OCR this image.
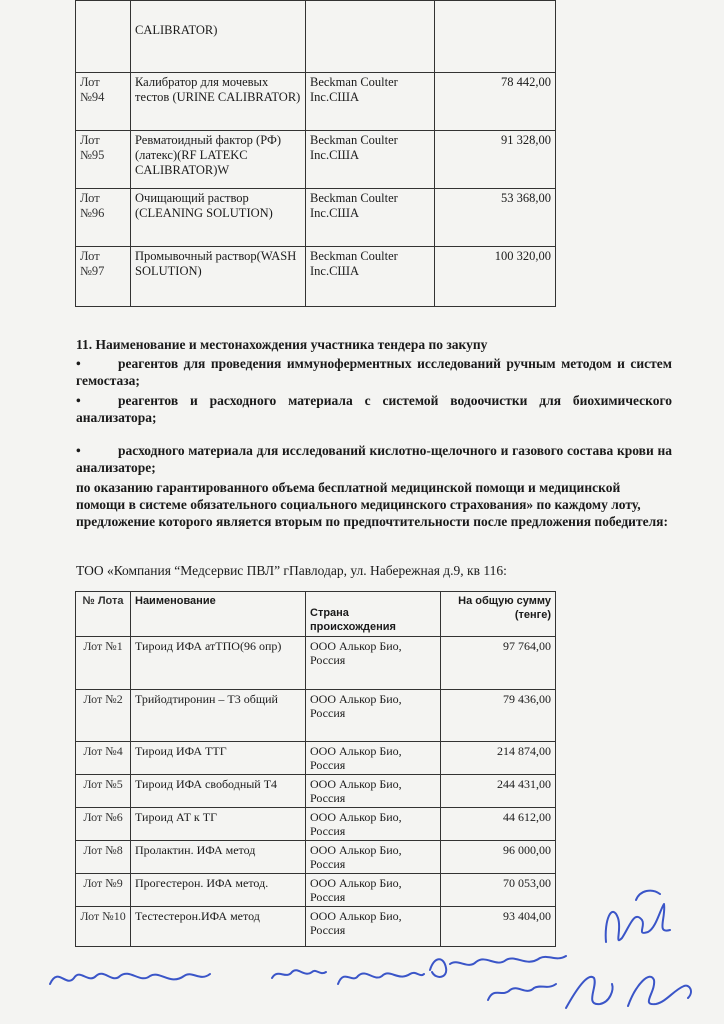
	CALIBRATOR)		
Лот №94	Калибратор для мочевых тестов (URINE CALIBRATOR)	Beckman Coulter Inc.США	78 442,00
Лот №95	Ревматоидный фактор (РФ) (латекс)(RF LATEKC CALIBRATOR)W	Beckman Coulter Inc.США	91 328,00
Лот №96	Очищающий раствор (CLEANING SOLUTION)	Beckman Coulter Inc.США	53 368,00
Лот №97	Промывочный раствор(WASH SOLUTION)	Beckman Coulter Inc.США	100 320,00
11. Наименование и местонахождения участника тендера по закупу
•	реагентов для проведения иммуноферментных исследований ручным методом и систем гемостаза;
•	реагентов и расходного материала с системой водоочистки для биохимического анализатора;
•	расходного материала для исследований кислотно-щелочного и газового состава крови на анализаторе;
по оказанию гарантированного объема бесплатной медицинской помощи и медицинской помощи в системе обязательного социального медицинского страхования» по каждому лоту, предложение которого является вторым по предпочтительности после предложения победителя:
ТОО «Компания “Медсервис ПВЛ” гПавлодар, ул. Набережная д.9, кв 116:
№ Лота	Наименование	Страна происхождения	На общую сумму (тенге)
Лот №1	Тироид ИФА атТПО(96 опр)	ООО Алькор Био, Россия	97 764,00
Лот №2	Трийодтиронин – Т3 общий	ООО Алькор Био, Россия	79 436,00
Лот №4	Тироид ИФА ТТГ	ООО Алькор Био, Россия	214 874,00
Лот №5	Тироид ИФА свободный Т4	ООО Алькор Био, Россия	244 431,00
Лот №6	Тироид АТ к ТГ	ООО Алькор Био, Россия	44 612,00
Лот №8	Пролактин. ИФА метод	ООО Алькор Био, Россия	96 000,00
Лот №9	Прогестерон. ИФА метод.	ООО Алькор Био, Россия	70 053,00
Лот №10	Тестестерон.ИФА метод	ООО Алькор Био, Россия	93 404,00
